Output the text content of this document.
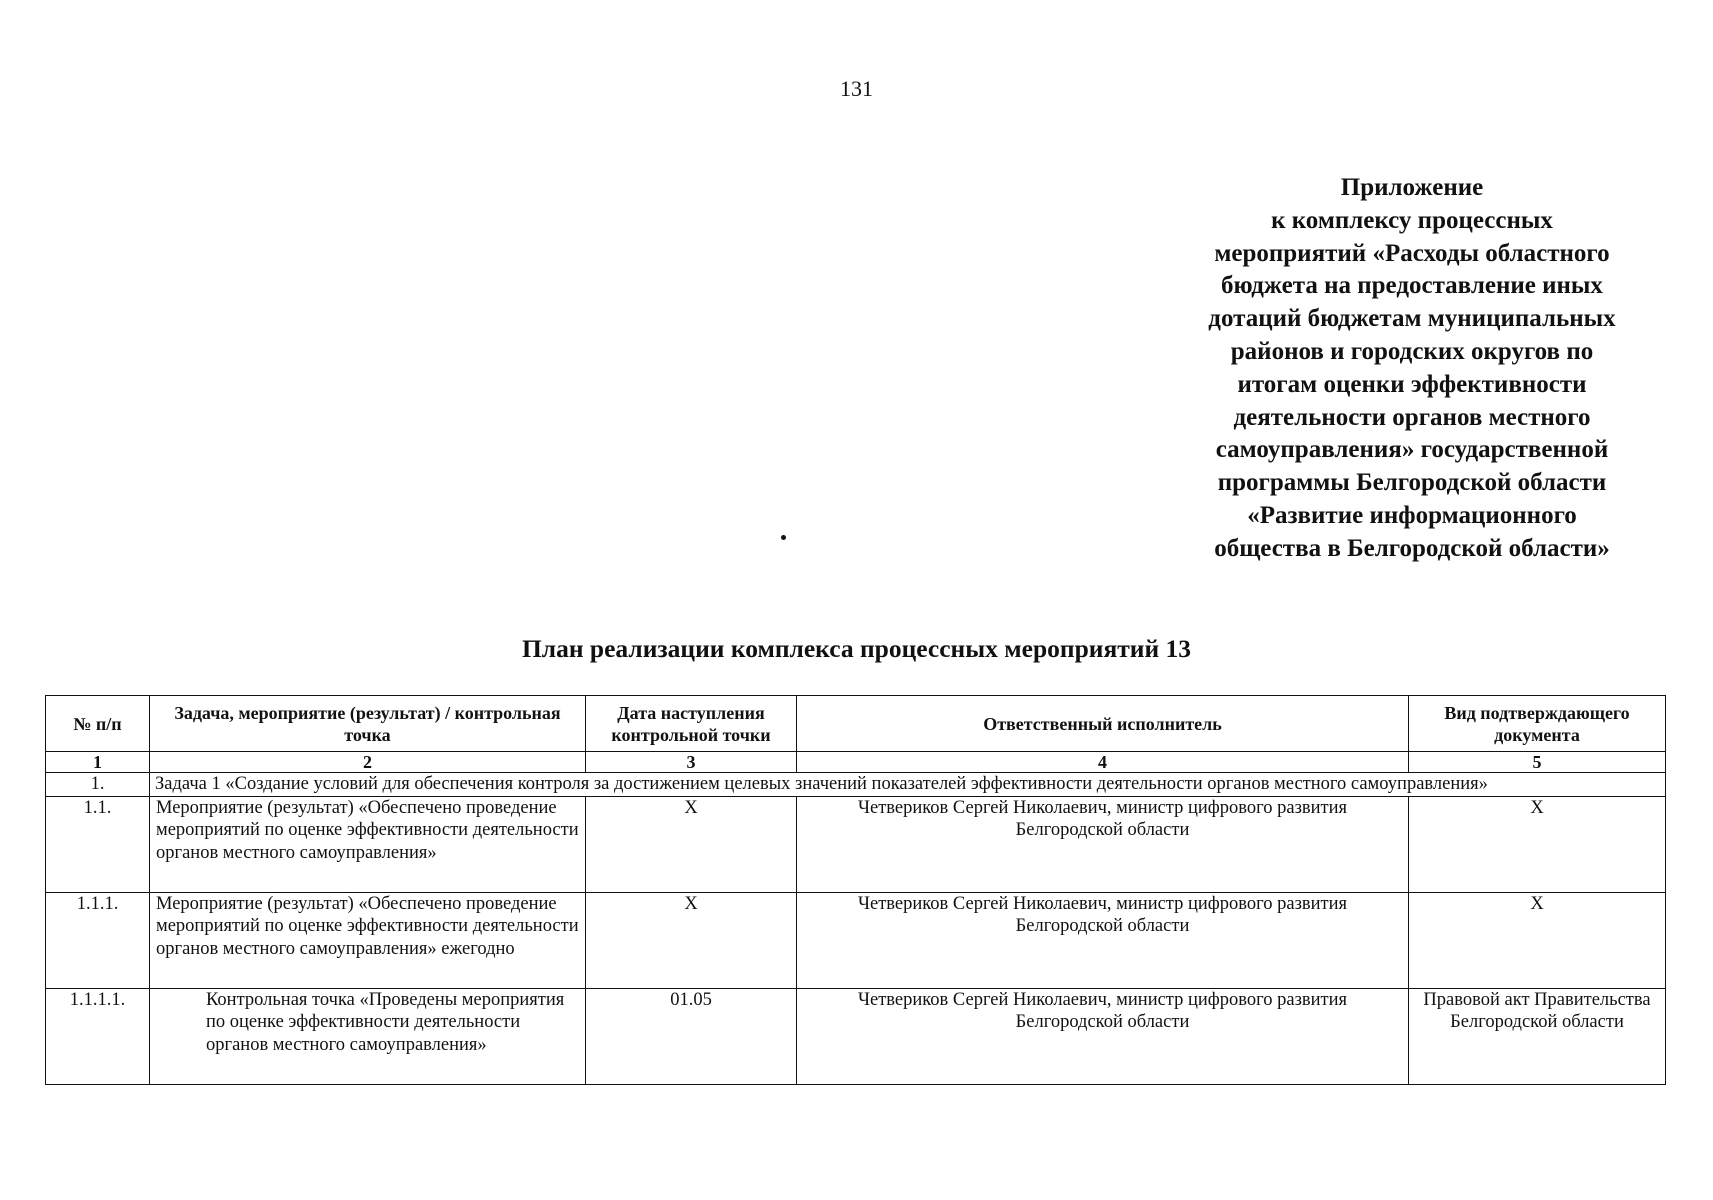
131
Приложение
к комплексу процессных
мероприятий «Расходы областного
бюджета на предоставление иных
дотаций бюджетам муниципальных
районов и городских округов по
итогам оценки эффективности
деятельности органов местного
самоуправления» государственной
программы Белгородской области
«Развитие информационного
общества в Белгородской области»
План реализации комплекса процессных мероприятий 13
№ п/п	Задача, мероприятие (результат) / контрольная точка	Дата наступления контрольной точки	Ответственный исполнитель	Вид подтверждающего документа
1	2	3	4	5
1.	Задача 1 «Создание условий для обеспечения контроля за достижением целевых значений показателей эффективности деятельности органов местного самоуправления»			
1.1.	Мероприятие (результат) «Обеспечено проведение мероприятий по оценке эффективности деятельности органов местного самоуправления»	X	Четвериков Сергей Николаевич, министр цифрового развития Белгородской области	X
1.1.1.	Мероприятие (результат) «Обеспечено проведение мероприятий по оценке эффективности деятельности органов местного самоуправления» ежегодно	X	Четвериков Сергей Николаевич, министр цифрового развития Белгородской области	X
1.1.1.1.	Контрольная точка «Проведены мероприятия по оценке эффективности деятельности органов местного самоуправления»	01.05	Четвериков Сергей Николаевич, министр цифрового развития Белгородской области	Правовой акт Правительства Белгородской области
